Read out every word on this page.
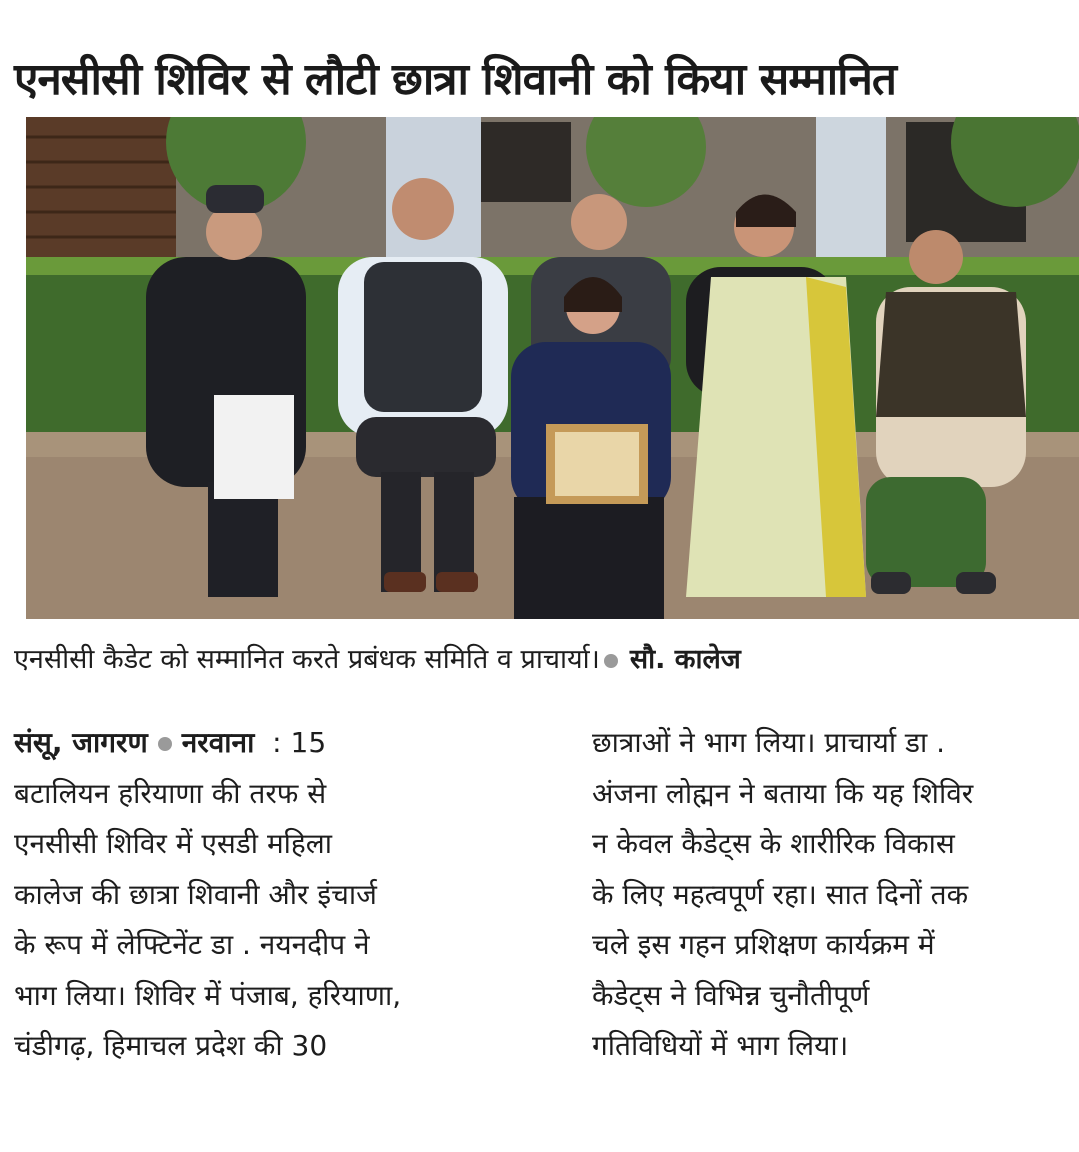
एनसीसी शिविर से लौटी छात्रा शिवानी को किया सम्मानित
एनसीसी कैडेट को सम्मानित करते प्रबंधक समिति व प्राचार्या। सौ. कालेज
संसू, जागरण नरवाना : 15
बटालियन हरियाणा की तरफ से
एनसीसी शिविर में एसडी महिला
कालेज की छात्रा शिवानी और इंचार्ज
के रूप में लेफ्टिनेंट डा . नयनदीप ने
भाग लिया। शिविर में पंजाब, हरियाणा,
चंडीगढ़, हिमाचल प्रदेश की 30
छात्राओं ने भाग लिया। प्राचार्या डा .
अंजना लोह्मन ने बताया कि यह शिविर
न केवल कैडेट्स के शारीरिक विकास
के लिए महत्वपूर्ण रहा। सात दिनों तक
चले इस गहन प्रशिक्षण कार्यक्रम में
कैडेट्स ने विभिन्न चुनौतीपूर्ण
गतिविधियों में भाग लिया।
